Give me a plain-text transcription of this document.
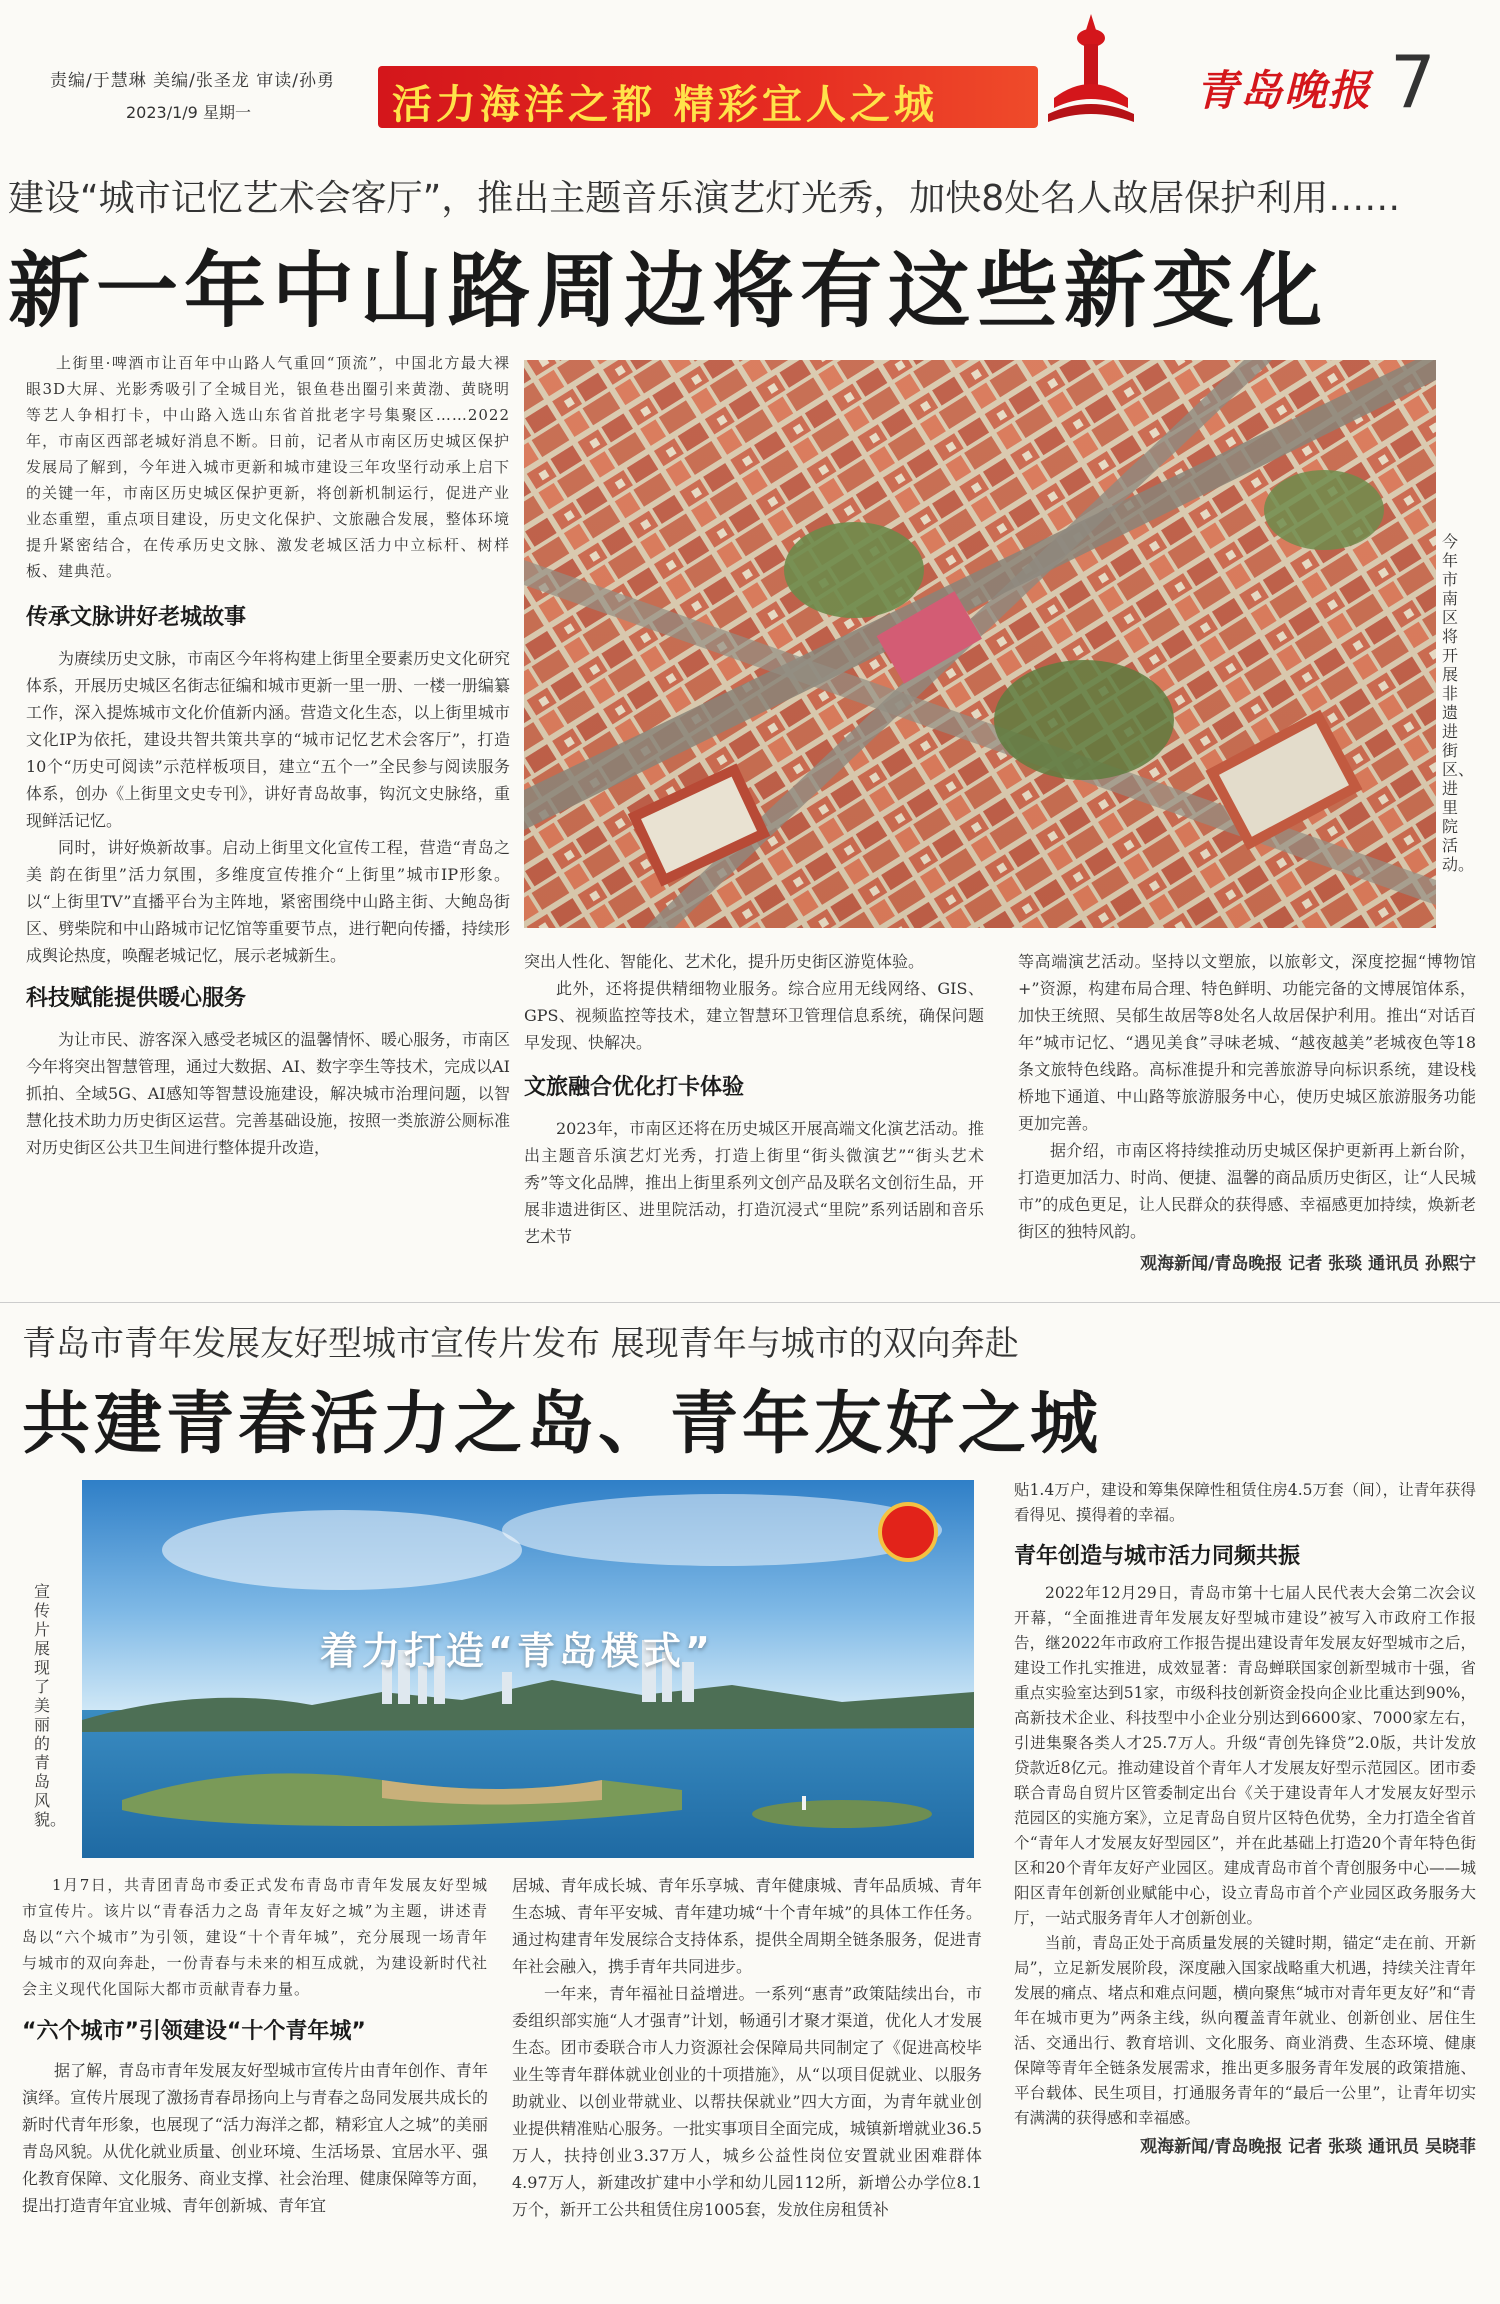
责编/于慧琳 美编/张圣龙 审读/孙勇
2023/1/9 星期一	活力海洋之都 精彩宜人之城	青岛晚报 7
建设“城市记忆艺术会客厅”，推出主题音乐演艺灯光秀，加快8处名人故居保护利用……
新一年中山路周边将有这些新变化

上街里·啤酒市让百年中山路人气重回“顶流”，中国北方最大裸眼3D大屏、光影秀吸引了全城目光，银鱼巷出圈引来黄渤、黄晓明等艺人争相打卡，中山路入选山东省首批老字号集聚区……2022年，市南区西部老城好消息不断。日前，记者从市南区历史城区保护发展局了解到，今年进入城市更新和城市建设三年攻坚行动承上启下的关键一年，市南区历史城区保护更新，将创新机制运行，促进产业业态重塑，重点项目建设，历史文化保护、文旅融合发展，整体环境提升紧密结合，在传承历史文脉、激发老城区活力中立标杆、树样板、建典范。

传承文脉讲好老城故事

为赓续历史文脉，市南区今年将构建上街里全要素历史文化研究体系，开展历史城区名街志征编和城市更新一里一册、一楼一册编纂工作，深入提炼城市文化价值新内涵。营造文化生态，以上街里城市文化IP为依托，建设共智共策共享的“城市记忆艺术会客厅”，打造10个“历史可阅读”示范样板项目，建立“五个一”全民参与阅读服务体系，创办《上街里文史专刊》，讲好青岛故事，钩沉文史脉络，重现鲜活记忆。

同时，讲好焕新故事。启动上街里文化宣传工程，营造“青岛之美 韵在街里”活力氛围，多维度宣传推介“上街里”城市IP形象。以“上街里TV”直播平台为主阵地，紧密围绕中山路主街、大鲍岛街区、劈柴院和中山路城市记忆馆等重要节点，进行靶向传播，持续形成舆论热度，唤醒老城记忆，展示老城新生。

科技赋能提供暖心服务

为让市民、游客深入感受老城区的温馨情怀、暖心服务，市南区今年将突出智慧管理，通过大数据、AI、数字孪生等技术，完成以AI抓拍、全域5G、AI感知等智慧设施建设，解决城市治理问题，以智慧化技术助力历史街区运营。完善基础设施，按照一类旅游公厕标准对历史街区公共卫生间进行整体提升改造，

今年市南区将开展非遗进街区、进里院活动。

突出人性化、智能化、艺术化，提升历史街区游览体验。

此外，还将提供精细物业服务。综合应用无线网络、GIS、GPS、视频监控等技术，建立智慧环卫管理信息系统，确保问题早发现、快解决。

文旅融合优化打卡体验

2023年，市南区还将在历史城区开展高端文化演艺活动。推出主题音乐演艺灯光秀，打造上街里“街头微演艺”“街头艺术秀”等文化品牌，推出上街里系列文创产品及联名文创衍生品，开展非遗进街区、进里院活动，打造沉浸式“里院”系列话剧和音乐艺术节

等高端演艺活动。坚持以文塑旅，以旅彰文，深度挖掘“博物馆+”资源，构建布局合理、特色鲜明、功能完备的文博展馆体系，加快王统照、吴郁生故居等8处名人故居保护利用。推出“对话百年”城市记忆、“遇见美食”寻味老城、“越夜越美”老城夜色等18条文旅特色线路。高标准提升和完善旅游导向标识系统，建设栈桥地下通道、中山路等旅游服务中心，使历史城区旅游服务功能更加完善。

据介绍，市南区将持续推动历史城区保护更新再上新台阶，打造更加活力、时尚、便捷、温馨的商品质历史街区，让“人民城市”的成色更足，让人民群众的获得感、幸福感更加持续，焕新老街区的独特风韵。

观海新闻/青岛晚报 记者 张琰 通讯员 孙熙宁
青岛市青年发展友好型城市宣传片发布 展现青年与城市的双向奔赴
共建青春活力之岛、青年友好之城
着力打造“青岛模式”
宣传片展现了美丽的青岛风貌。

1月7日，共青团青岛市委正式发布青岛市青年发展友好型城市宣传片。该片以“青春活力之岛 青年友好之城”为主题，讲述青岛以“六个城市”为引领，建设“十个青年城”，充分展现一场青年与城市的双向奔赴，一份青春与未来的相互成就，为建设新时代社会主义现代化国际大都市贡献青春力量。

“六个城市”引领建设“十个青年城”

据了解，青岛市青年发展友好型城市宣传片由青年创作、青年演绎。宣传片展现了激扬青春昂扬向上与青春之岛同发展共成长的新时代青年形象，也展现了“活力海洋之都，精彩宜人之城”的美丽青岛风貌。从优化就业质量、创业环境、生活场景、宜居水平、强化教育保障、文化服务、商业支撑、社会治理、健康保障等方面，提出打造青年宜业城、青年创新城、青年宜

居城、青年成长城、青年乐享城、青年健康城、青年品质城、青年生态城、青年平安城、青年建功城“十个青年城”的具体工作任务。通过构建青年发展综合支持体系，提供全周期全链条服务，促进青年社会融入，携手青年共同进步。

一年来，青年福祉日益增进。一系列“惠青”政策陆续出台，市委组织部实施“人才强青”计划，畅通引才聚才渠道，优化人才发展生态。团市委联合市人力资源社会保障局共同制定了《促进高校毕业生等青年群体就业创业的十项措施》，从“以项目促就业、以服务助就业、以创业带就业、以帮扶保就业”四大方面，为青年就业创业提供精准贴心服务。一批实事项目全面完成，城镇新增就业36.5万人，扶持创业3.37万人，城乡公益性岗位安置就业困难群体4.97万人，新建改扩建中小学和幼儿园112所，新增公办学位8.1万个，新开工公共租赁住房1005套，发放住房租赁补

贴1.4万户，建设和筹集保障性租赁住房4.5万套（间），让青年获得看得见、摸得着的幸福。

青年创造与城市活力同频共振

2022年12月29日，青岛市第十七届人民代表大会第二次会议开幕，“全面推进青年发展友好型城市建设”被写入市政府工作报告，继2022年市政府工作报告提出建设青年发展友好型城市之后，建设工作扎实推进，成效显著：青岛蝉联国家创新型城市十强，省重点实验室达到51家，市级科技创新资金投向企业比重达到90%，高新技术企业、科技型中小企业分别达到6600家、7000家左右，引进集聚各类人才25.7万人。升级“青创先锋贷”2.0版，共计发放贷款近8亿元。推动建设首个青年人才发展友好型示范园区。团市委联合青岛自贸片区管委制定出台《关于建设青年人才发展友好型示范园区的实施方案》，立足青岛自贸片区特色优势，全力打造全省首个“青年人才发展友好型园区”，并在此基础上打造20个青年特色街区和20个青年友好产业园区。建成青岛市首个青创服务中心——城阳区青年创新创业赋能中心，设立青岛市首个产业园区政务服务大厅，一站式服务青年人才创新创业。

当前，青岛正处于高质量发展的关键时期，锚定“走在前、开新局”，立足新发展阶段，深度融入国家战略重大机遇，持续关注青年发展的痛点、堵点和难点问题，横向聚焦“城市对青年更友好”和“青年在城市更为”两条主线，纵向覆盖青年就业、创新创业、居住生活、交通出行、教育培训、文化服务、商业消费、生态环境、健康保障等青年全链条发展需求，推出更多服务青年发展的政策措施、平台载体、民生项目，打通服务青年的“最后一公里”，让青年切实有满满的获得感和幸福感。

观海新闻/青岛晚报 记者 张琰 通讯员 吴晓菲
